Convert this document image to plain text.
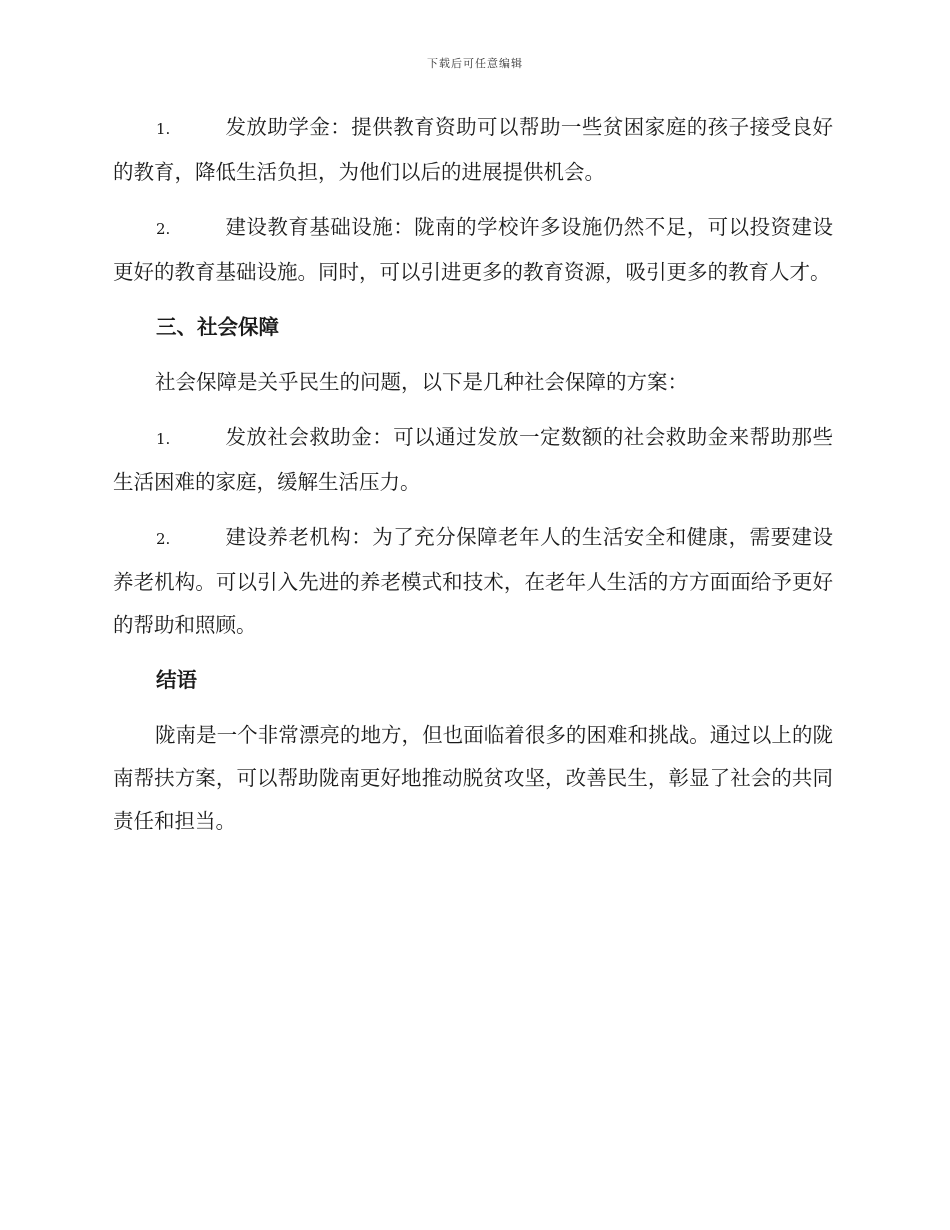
下载后可任意编辑
1.	发放助学金：提供教育资助可以帮助一些贫困家庭的孩子接受良好的教育，降低生活负担，为他们以后的进展提供机会。
2.	建设教育基础设施：陇南的学校许多设施仍然不足，可以投资建设更好的教育基础设施。同时，可以引进更多的教育资源，吸引更多的教育人才。
三、社会保障

社会保障是关乎民生的问题，以下是几种社会保障的方案：

1.	发放社会救助金：可以通过发放一定数额的社会救助金来帮助那些生活困难的家庭，缓解生活压力。
2.	建设养老机构：为了充分保障老年人的生活安全和健康，需要建设养老机构。可以引入先进的养老模式和技术，在老年人生活的方方面面给予更好的帮助和照顾。
结语

陇南是一个非常漂亮的地方，但也面临着很多的困难和挑战。通过以上的陇南帮扶方案，可以帮助陇南更好地推动脱贫攻坚，改善民生，彰显了社会的共同责任和担当。
